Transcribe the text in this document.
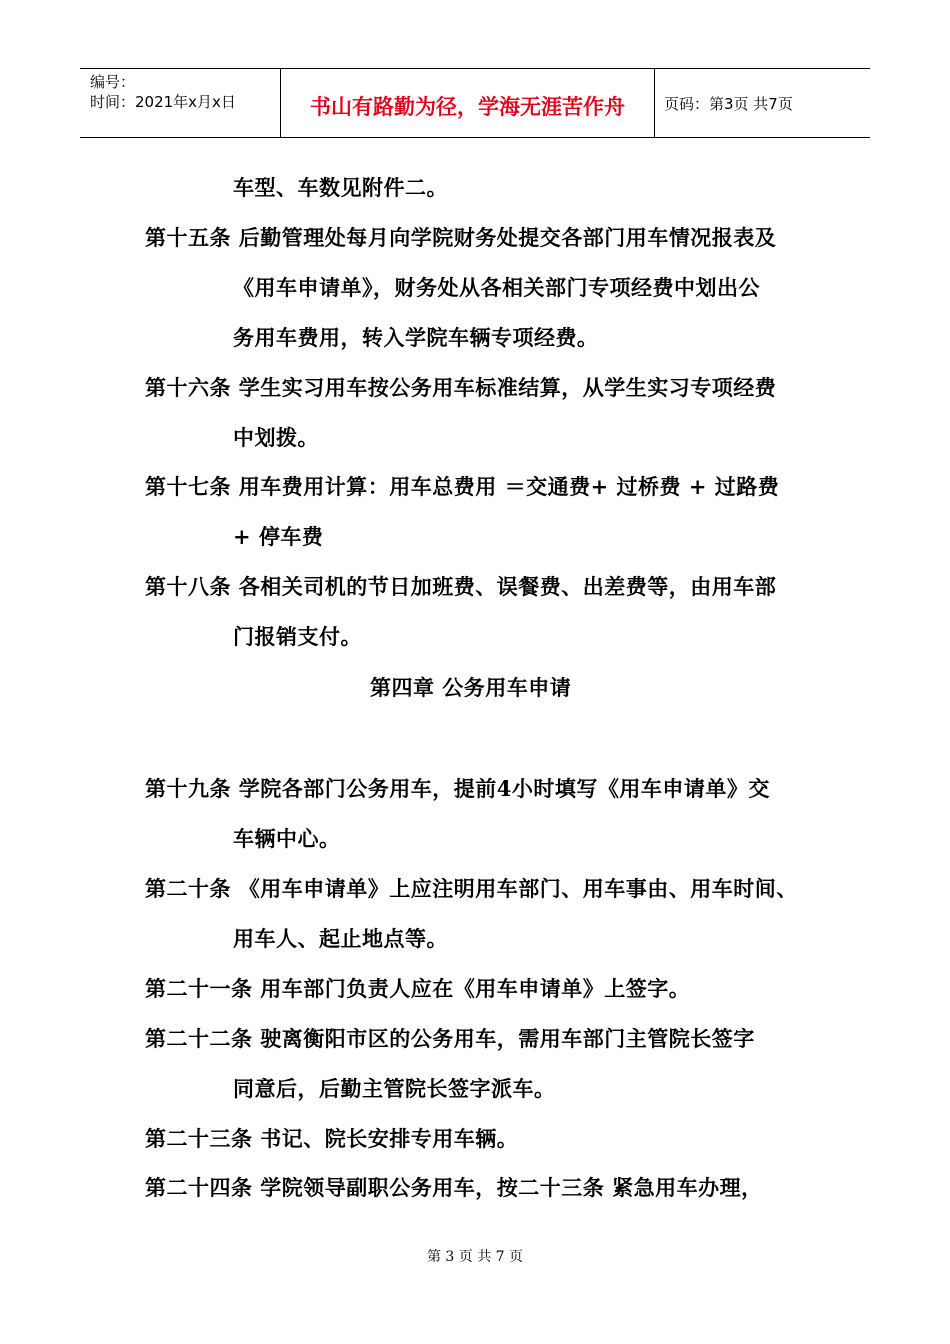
编号：
时间：2021年x月x日	书山有路勤为径，学海无涯苦作舟	页码：第3页 共7页
车型、车数见附件二。
第十五条 后勤管理处每月向学院财务处提交各部门用车情况报表及
《用车申请单》，财务处从各相关部门专项经费中划出公
务用车费用，转入学院车辆专项经费。
第十六条 学生实习用车按公务用车标准结算，从学生实习专项经费
中划拨。
第十七条 用车费用计算：用车总费用 ＝交通费+ 过桥费 + 过路费
+ 停车费
第十八条 各相关司机的节日加班费、误餐费、出差费等，由用车部
门报销支付。
第四章 公务用车申请
第十九条 学院各部门公务用车，提前4小时填写《用车申请单》交
车辆中心。
第二十条 《用车申请单》上应注明用车部门、用车事由、用车时间、
用车人、起止地点等。
第二十一条 用车部门负责人应在《用车申请单》上签字。
第二十二条 驶离衡阳市区的公务用车，需用车部门主管院长签字
同意后，后勤主管院长签字派车。
第二十三条 书记、院长安排专用车辆。
第二十四条 学院领导副职公务用车，按二十三条 紧急用车办理，
第 3 页 共 7 页
